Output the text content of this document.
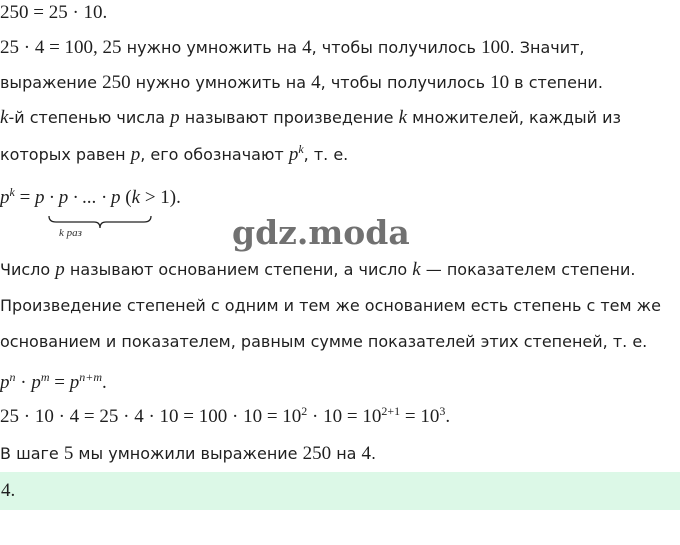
250 = 25 · 10.
25 · 4 = 100, 25 нужно умножить на 4, чтобы получилось 100. Значит,
выражение 250 нужно умножить на 4, чтобы получилось 10 в степени.
k-й степенью числа p называют произведение k множителей, каждый из
которых равен p, его обозначают $p^k$, т. е.
$p^k = p \cdot p$ · ... · p (k > 1).
k раз	gdz.moda
Число p называют основанием степени, а число k — показателем степени.
Произведение степеней с одним и тем же основанием есть степень с тем же
основанием и показателем, равным сумме показателей этих степеней, т. е.
$p^n \cdot p^m = p^{n+m}$.
$25 \cdot 10 \cdot 4 = 25 \cdot 4 \cdot 10 = 100 \cdot 10 = 10^2 \cdot 10 = 10^{2+1} = 10^3$.
В шаге 5 мы умножили выражение 250 на 4.
4.
